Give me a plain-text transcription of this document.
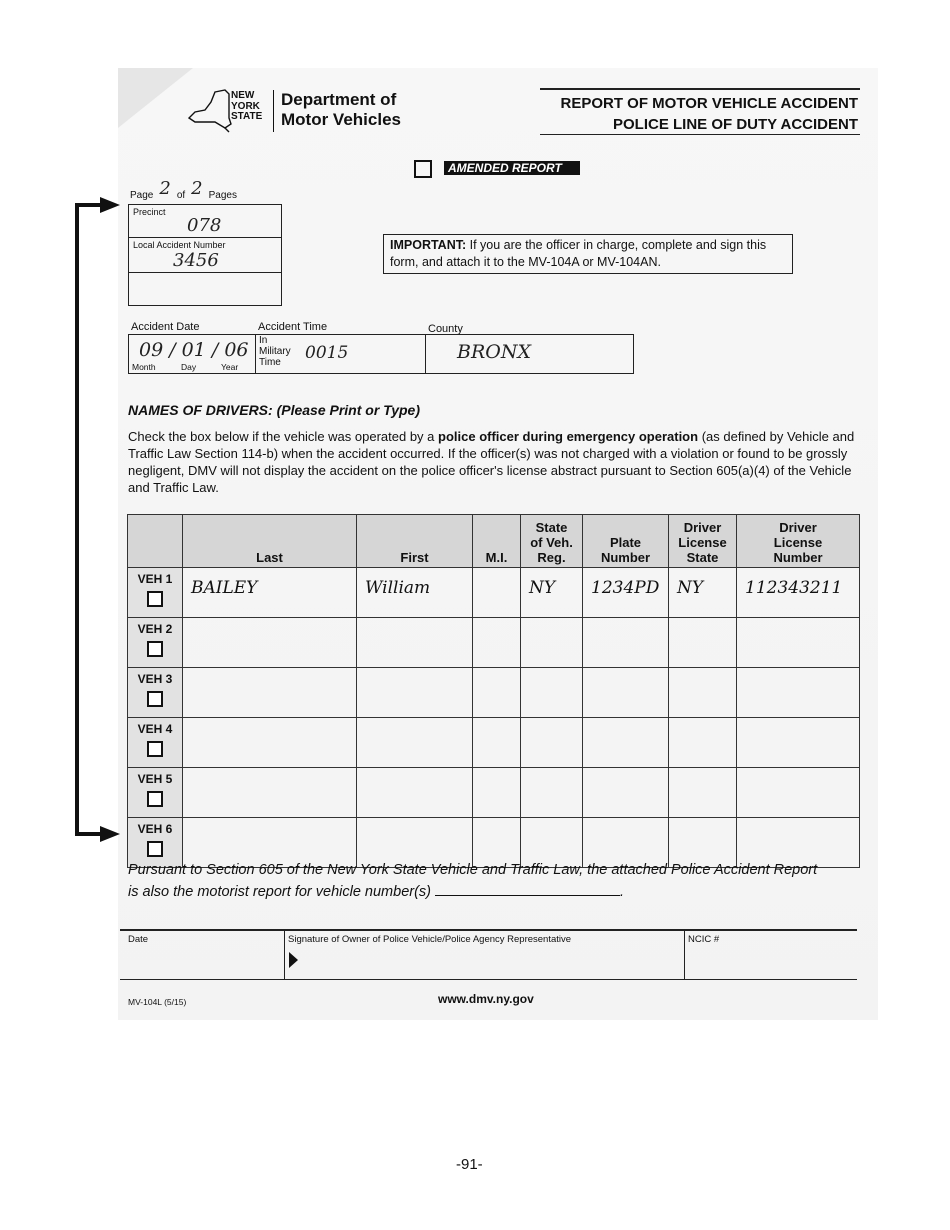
NEW
YORK
STATE
Department of
Motor Vehicles
REPORT OF MOTOR VEHICLE ACCIDENT
POLICE LINE OF DUTY ACCIDENT
AMENDED REPORT
Page 2 of 2 Pages
Precinct
078
Local Accident Number
3456
IMPORTANT: If you are the officer in charge, complete and sign this form, and attach it to the MV-104A or MV-104AN.
Accident Date	Accident Time	County
09 / 01 / 06
Month	Day	Year
In
Military
Time	0015	BRONX
NAMES OF DRIVERS: (Please Print or Type)
Check the box below if the vehicle was operated by a police officer during emergency operation (as defined by Vehicle and Traffic Law Section 114-b) when the accident occurred. If the officer(s) was not charged with a violation or found to be grossly negligent, DMV will not display the accident on the police officer's license abstract pursuant to Section 605(a)(4) of the Vehicle and Traffic Law.
	Last	First	M.I.	State
of Veh.
Reg.	Plate
Number	Driver
License
State	Driver
License
Number

VEH 1	BAILEY	William		NY	1234PD	NY	112343211

VEH 2							

VEH 3							

VEH 4							

VEH 5							

VEH 6							

Pursuant to Section 605 of the New York State Vehicle and Traffic Law, the attached Police Accident Report
is also the motorist report for vehicle number(s)	.
Date	Signature of Owner of Police Vehicle/Police Agency Representative	NCIC #
MV-104L (5/15)	www.dmv.ny.gov
-91-
